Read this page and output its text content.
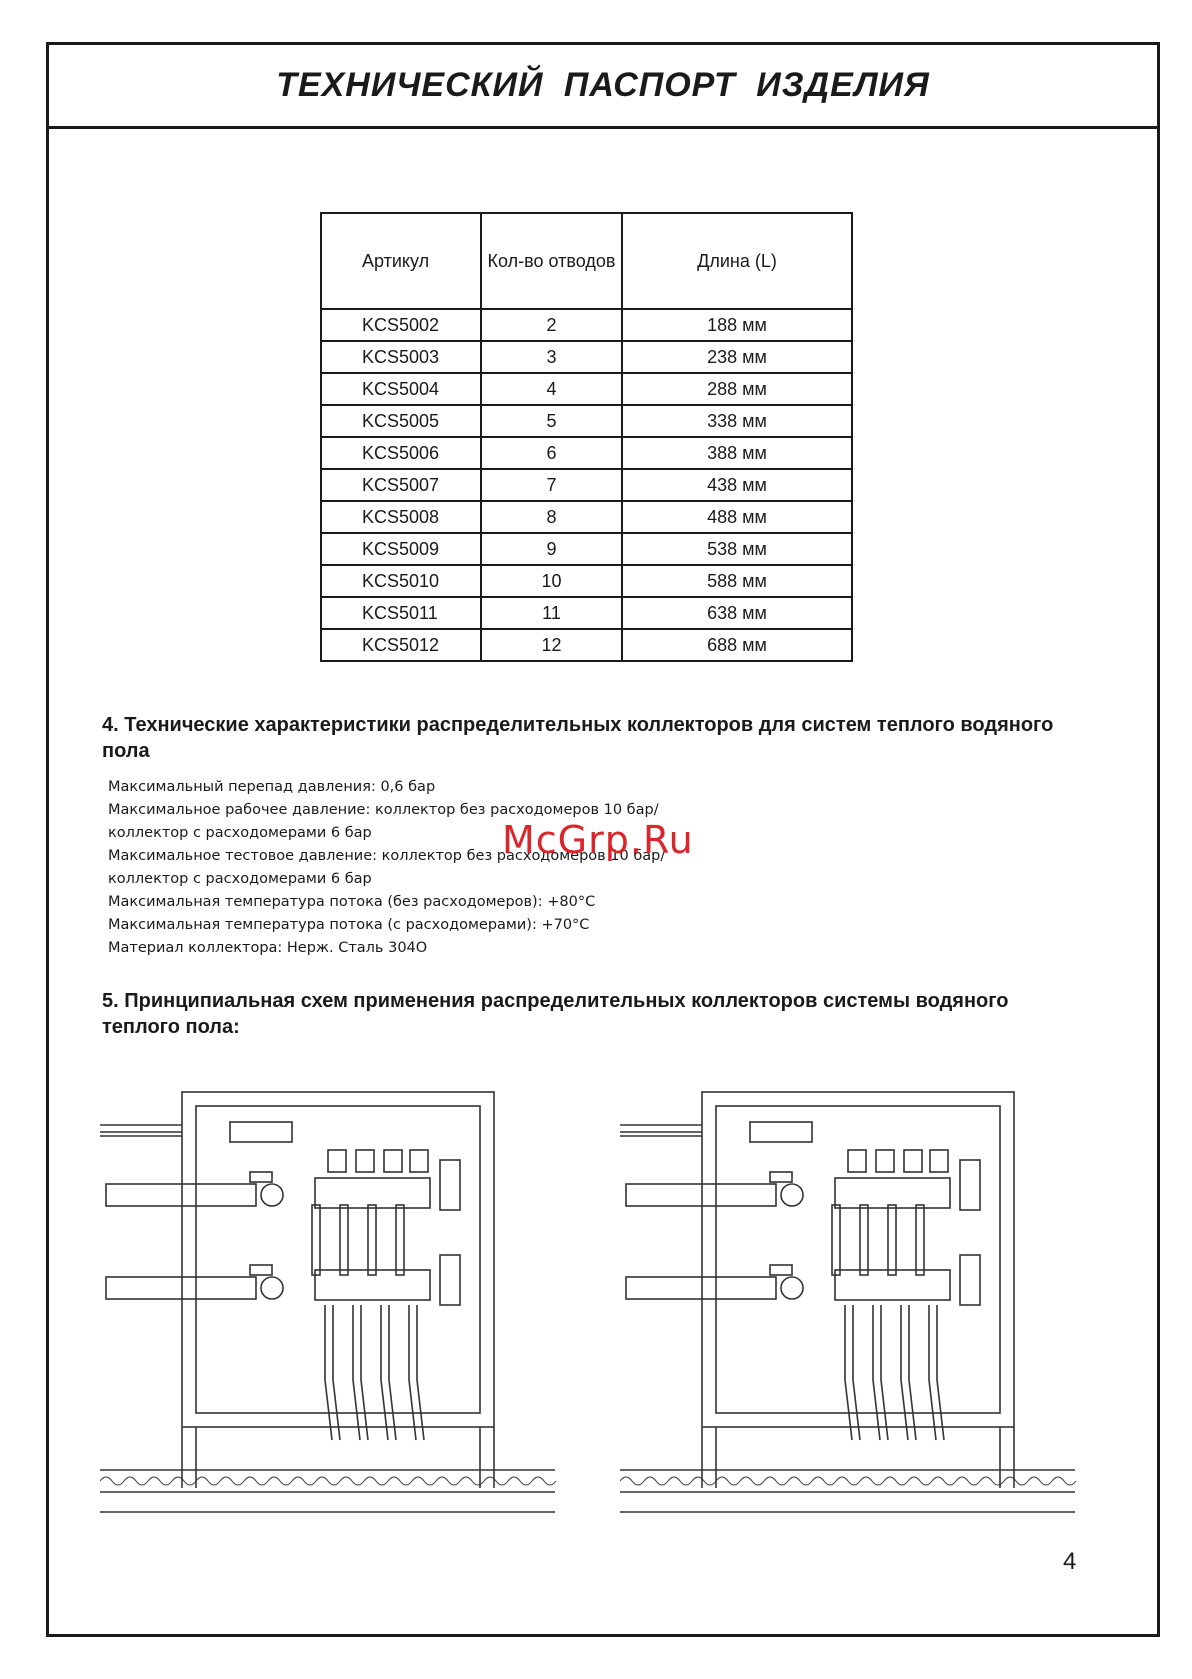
ТЕХНИЧЕСКИЙ ПАСПОРТ ИЗДЕЛИЯ
Артикул	Кол-во отводов	Длина (L)
KCS5002	2	188 мм
KCS5003	3	238 мм
KCS5004	4	288 мм
KCS5005	5	338 мм
KCS5006	6	388 мм
KCS5007	7	438 мм
KCS5008	8	488 мм
KCS5009	9	538 мм
KCS5010	10	588 мм
KCS5011	11	638 мм
KCS5012	12	688 мм

4. Технические характеристики распределительных коллекторов для систем теплого водяного пола

Максимальный перепад давления: 0,6 бар
Максимальное рабочее давление: коллектор без расходомеров 10 бар/
коллектор с расходомерами 6 бар
Максимальное тестовое давление: коллектор без расходомеров 10 бар/
коллектор с расходомерами 6 бар
Максимальная температура потока (без расходомеров): +80°С
Максимальная температура потока (с расходомерами): +70°С
Материал коллектора: Нерж. Сталь 304О
McGrp.Ru

5. Принципиальная схем применения распределительных коллекторов системы водяного теплого пола:

4
